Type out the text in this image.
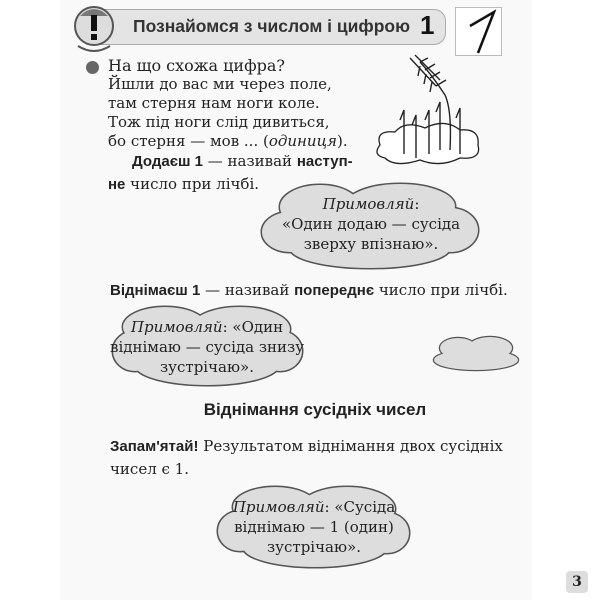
Познайомся з числом і цифрою 1
На що схожа цифра?
Йшли до вас ми через поле,
там стерня нам ноги коле.
Тож під ноги слід дивиться,
бо стерня — мов ... (одиниця).
Додаєш 1 — називай наступ-
не число при лічбі.
Примовляй:
«Один додаю — сусіда
зверху впізнаю».
Віднімаєш 1 — називай попереднє число при лічбі.
Примовляй: «Один
віднімаю — сусіда знизу
зустрічаю».
Віднімання сусідніх чисел
Запам'ятай! Результатом віднімання двох сусідніх
чисел є 1.
Примовляй: «Сусіда
віднімаю — 1 (один)
зустрічаю».
3
